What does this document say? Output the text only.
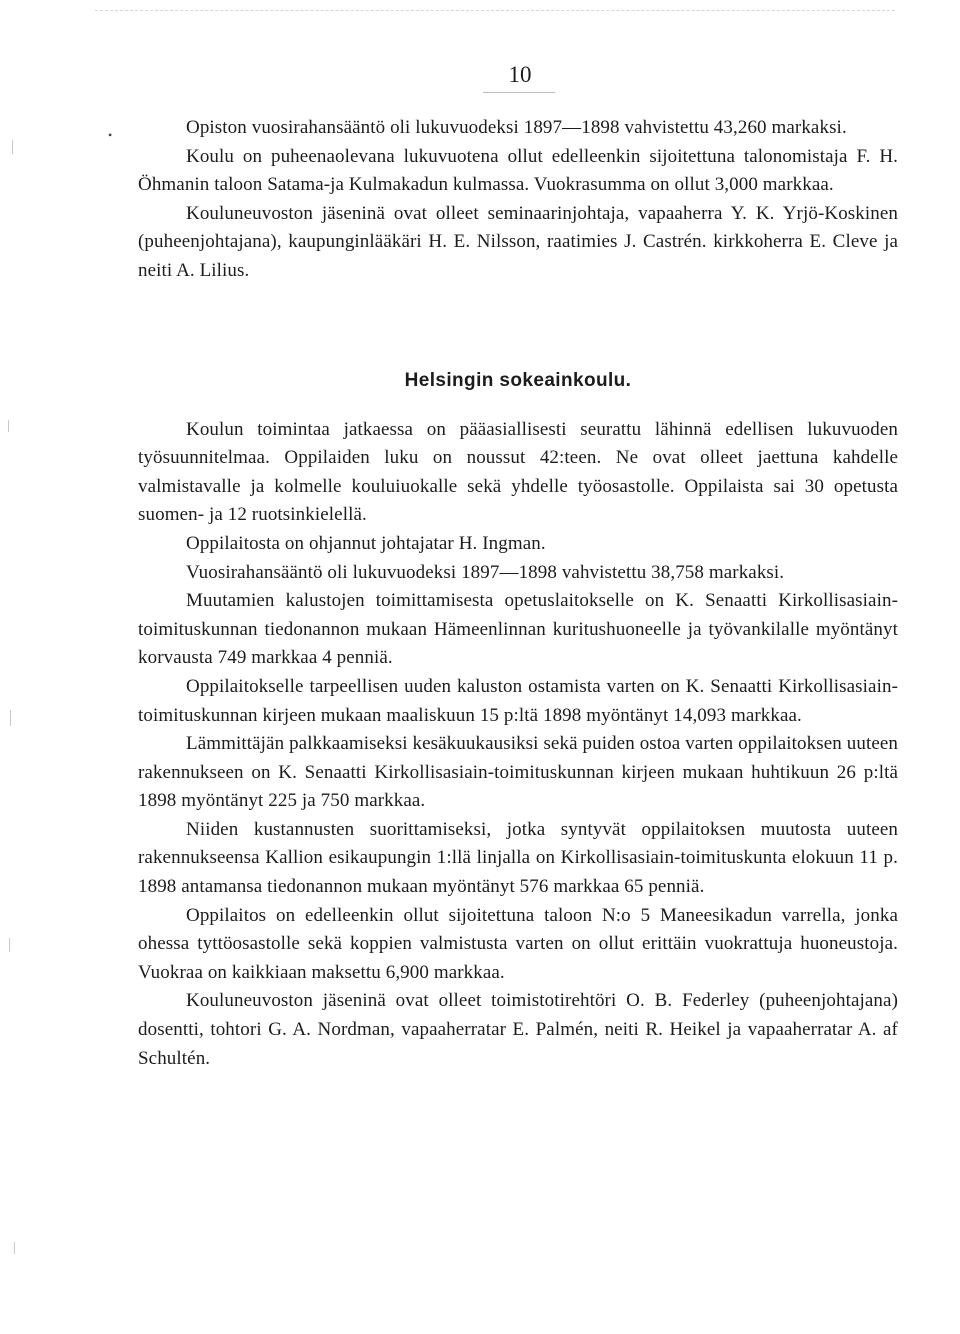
10
•	Opiston vuosirahansääntö oli lukuvuodeksi 1897—1898 vahvistettu 43,260 markaksi.

Koulu on puheenaolevana lukuvuotena ollut edelleenkin sijoitettuna talonomistaja F. H. Öhmanin taloon Satama-ja Kulmakadun kulmassa. Vuokrasumma on ollut 3,000 markkaa.

Kouluneuvoston jäseninä ovat olleet seminaarinjohtaja, vapaaherra Y. K. Yrjö-Koskinen (puheenjohtajana), kaupunginlääkäri H. E. Nilsson, raatimies J. Castrén. kirkkoherra E. Cleve ja neiti A. Lilius.

Helsingin sokeainkoulu.

Koulun toimintaa jatkaessa on pääasiallisesti seurattu lähinnä edellisen lukuvuoden työsuunnitelmaa. Oppilaiden luku on noussut 42:teen. Ne ovat olleet jaettuna kahdelle valmistavalle ja kolmelle kouluiuokalle sekä yhdelle työosastolle. Oppilaista sai 30 opetusta suomen- ja 12 ruotsinkielellä.

Oppilaitosta on ohjannut johtajatar H. Ingman.

Vuosirahansääntö oli lukuvuodeksi 1897—1898 vahvistettu 38,758 markaksi.

Muutamien kalustojen toimittamisesta opetuslaitokselle on K. Senaatti Kirkollisasiain-toimituskunnan tiedonannon mukaan Hämeenlinnan kuritushuoneelle ja työvankilalle myöntänyt korvausta 749 markkaa 4 penniä.

Oppilaitokselle tarpeellisen uuden kaluston ostamista varten on K. Senaatti Kirkollisasiain-toimituskunnan kirjeen mukaan maaliskuun 15 p:ltä 1898 myöntänyt 14,093 markkaa.

Lämmittäjän palkkaamiseksi kesäkuukausiksi sekä puiden ostoa varten oppilaitoksen uuteen rakennukseen on K. Senaatti Kirkollisasiain-toimituskunnan kirjeen mukaan huhtikuun 26 p:ltä 1898 myöntänyt 225 ja 750 markkaa.

Niiden kustannusten suorittamiseksi, jotka syntyvät oppilaitoksen muutosta uuteen rakennukseensa Kallion esikaupungin 1:llä linjalla on Kirkollisasiain-toimituskunta elokuun 11 p. 1898 antamansa tiedonannon mukaan myöntänyt 576 markkaa 65 penniä.

Oppilaitos on edelleenkin ollut sijoitettuna taloon N:o 5 Maneesikadun varrella, jonka ohessa tyttöosastolle sekä koppien valmistusta varten on ollut erittäin vuokrattuja huoneustoja. Vuokraa on kaikkiaan maksettu 6,900 markkaa.

Kouluneuvoston jäseninä ovat olleet toimistotirehtöri O. B. Federley (puheenjohtajana) dosentti, tohtori G. A. Nordman, vapaaherratar E. Palmén, neiti R. Heikel ja vapaaherratar A. af Schultén.
